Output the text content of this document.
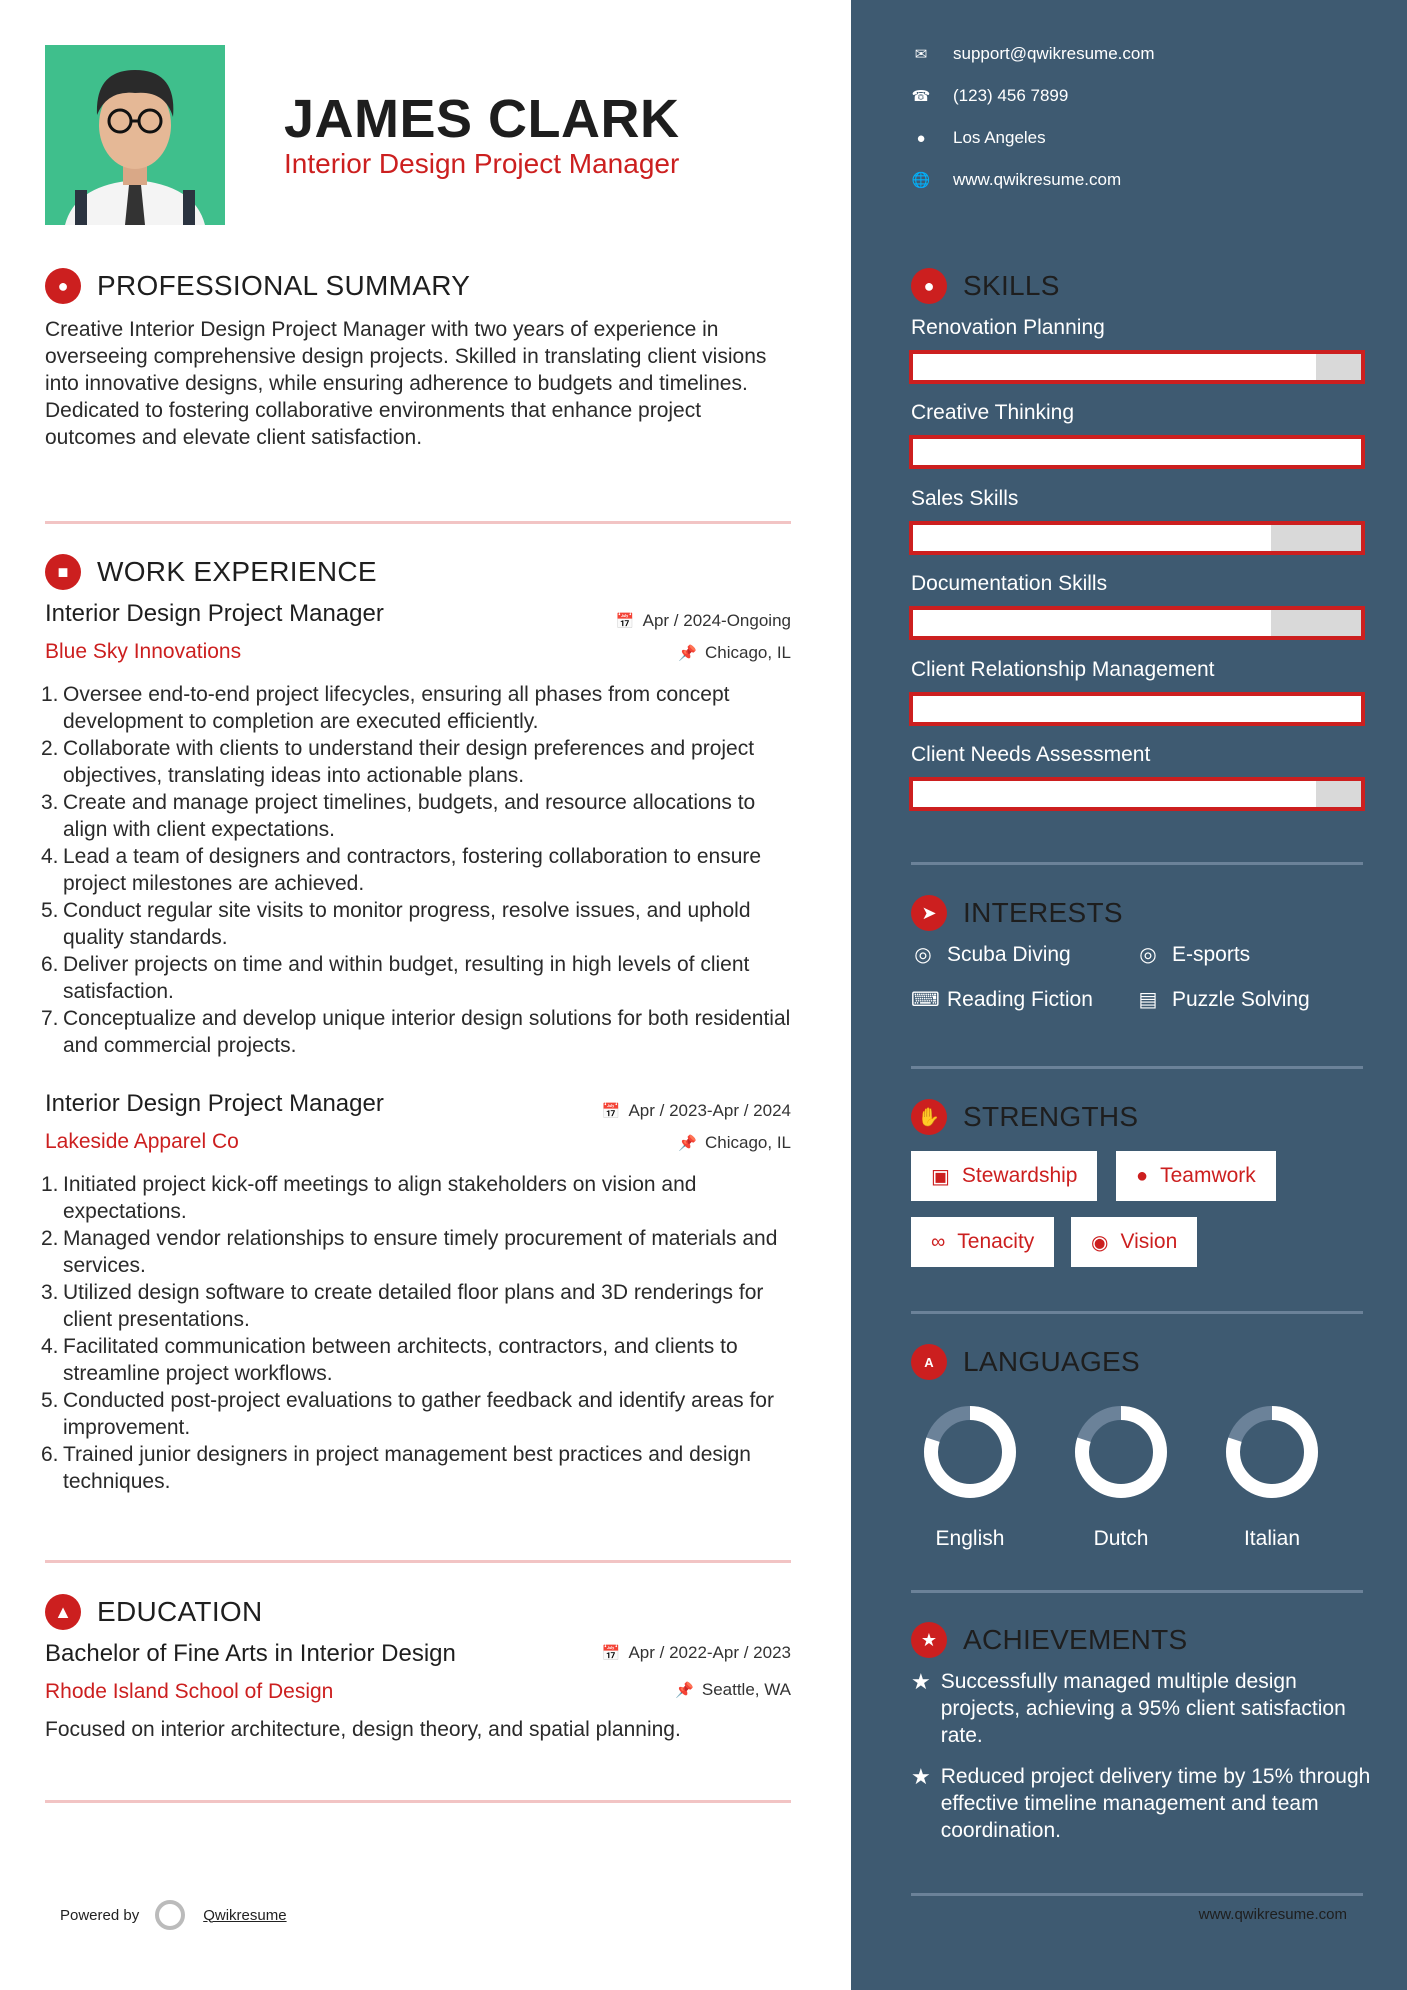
JAMES CLARK
Interior Design Project Manager
●	PROFESSIONAL SUMMARY
Creative Interior Design Project Manager with two years of experience in overseeing comprehensive design projects. Skilled in translating client visions into innovative designs, while ensuring adherence to budgets and timelines. Dedicated to fostering collaborative environments that enhance project outcomes and elevate client satisfaction.
■	WORK EXPERIENCE
Interior Design Project Manager	📅 Apr / 2024-Ongoing
Blue Sky Innovations	📌 Chicago, IL
1. Oversee end-to-end project lifecycles, ensuring all phases from concept development to completion are executed efficiently.
2. Collaborate with clients to understand their design preferences and project objectives, translating ideas into actionable plans.
3. Create and manage project timelines, budgets, and resource allocations to align with client expectations.
4. Lead a team of designers and contractors, fostering collaboration to ensure project milestones are achieved.
5. Conduct regular site visits to monitor progress, resolve issues, and uphold quality standards.
6. Deliver projects on time and within budget, resulting in high levels of client satisfaction.
7. Conceptualize and develop unique interior design solutions for both residential and commercial projects.
Interior Design Project Manager	📅 Apr / 2023-Apr / 2024
Lakeside Apparel Co	📌 Chicago, IL
1. Initiated project kick-off meetings to align stakeholders on vision and expectations.
2. Managed vendor relationships to ensure timely procurement of materials and services.
3. Utilized design software to create detailed floor plans and 3D renderings for client presentations.
4. Facilitated communication between architects, contractors, and clients to streamline project workflows.
5. Conducted post-project evaluations to gather feedback and identify areas for improvement.
6. Trained junior designers in project management best practices and design techniques.
▲ EDUCATION
Bachelor of Fine Arts in Interior Design	📅 Apr / 2022-Apr / 2023
Rhode Island School of Design	📌 Seattle, WA
Focused on interior architecture, design theory, and spatial planning.
Powered by	Qwikresume
✉ support@qwikresume.com
☎ (123) 456 7899
●	Los Angeles
🌐 www.qwikresume.com
●	SKILLS
Renovation Planning
Creative Thinking
Sales Skills
Documentation Skills
Client Relationship Management
Client Needs Assessment
➤ INTERESTS
◎ Scuba Diving	◎ E-sports
⌨ Reading Fiction ▤ Puzzle Solving
✋ STRENGTHS
▣ Stewardship	● Teamwork
∞ Tenacity	◉ Vision
A	LANGUAGES
English	Dutch	Italian
★ ACHIEVEMENTS
★ Successfully managed multiple design projects, achieving a 95% client satisfaction rate.
★ Reduced project delivery time by 15% through effective timeline management and team coordination.
www.qwikresume.com
